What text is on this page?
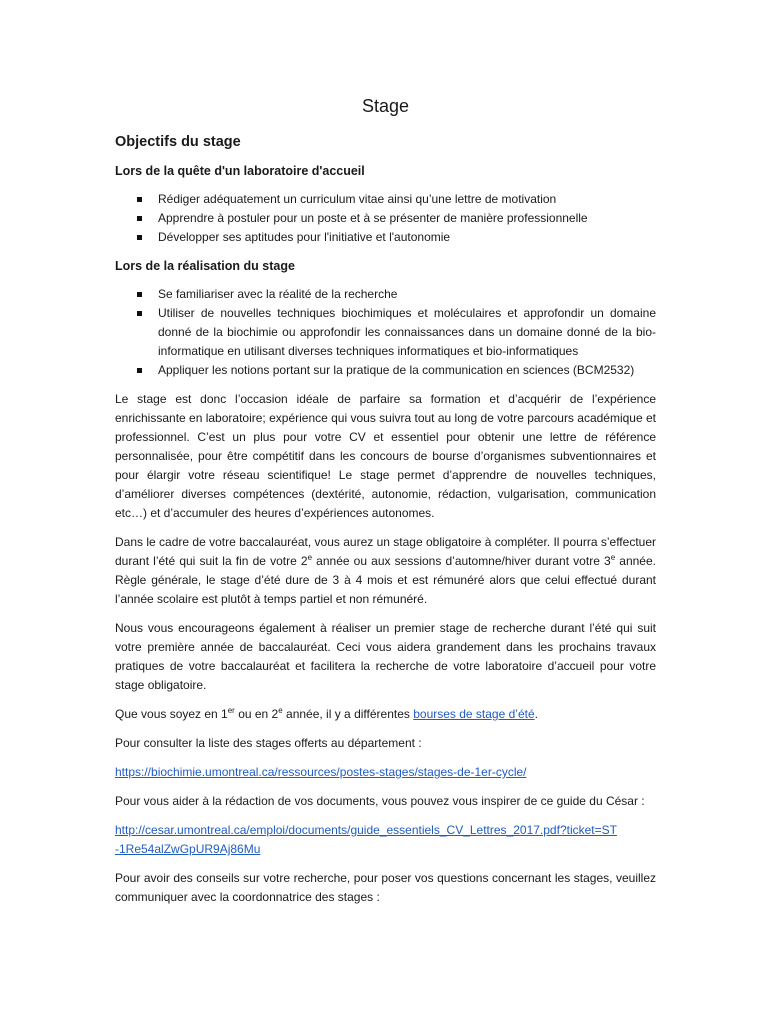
Stage
Objectifs du stage
Lors de la quête d'un laboratoire d'accueil
Rédiger adéquatement un curriculum vitae ainsi qu’une lettre de motivation
Apprendre à postuler pour un poste et à se présenter de manière professionnelle
Développer ses aptitudes pour l'initiative et l'autonomie
Lors de la réalisation du stage
Se familiariser avec la réalité de la recherche
Utiliser de nouvelles techniques biochimiques et moléculaires et approfondir un domaine donné de la biochimie ou approfondir les connaissances dans un domaine donné de la bio-informatique en utilisant diverses techniques informatiques et bio-informatiques
Appliquer les notions portant sur la pratique de la communication en sciences (BCM2532)

Le stage est donc l’occasion idéale de parfaire sa formation et d’acquérir de l’expérience enrichissante en laboratoire; expérience qui vous suivra tout au long de votre parcours académique et professionnel. C’est un plus pour votre CV et essentiel pour obtenir une lettre de référence personnalisée, pour être compétitif dans les concours de bourse d’organismes subventionnaires et pour élargir votre réseau scientifique! Le stage permet d’apprendre de nouvelles techniques, d’améliorer diverses compétences (dextérité, autonomie, rédaction, vulgarisation, communication etc…) et d’accumuler des heures d’expériences autonomes.

Dans le cadre de votre baccalauréat, vous aurez un stage obligatoire à compléter. Il pourra s’effectuer durant l’été qui suit la fin de votre 2e année ou aux sessions d’automne/hiver durant votre 3e année. Règle générale, le stage d’été dure de 3 à 4 mois et est rémunéré alors que celui effectué durant l’année scolaire est plutôt à temps partiel et non rémunéré.

Nous vous encourageons également à réaliser un premier stage de recherche durant l’été qui suit votre première année de baccalauréat. Ceci vous aidera grandement dans les prochains travaux pratiques de votre baccalauréat et facilitera la recherche de votre laboratoire d’accueil pour votre stage obligatoire.

Que vous soyez en 1er ou en 2e année, il y a différentes bourses de stage d’été.

Pour consulter la liste des stages offerts au département :

https://biochimie.umontreal.ca/ressources/postes-stages/stages-de-1er-cycle/

Pour vous aider à la rédaction de vos documents, vous pouvez vous inspirer de ce guide du César :

http://cesar.umontreal.ca/emploi/documents/guide_essentiels_CV_Lettres_2017.pdf?ticket=ST
-1Re54alZwGpUR9Aj86Mu

Pour avoir des conseils sur votre recherche, pour poser vos questions concernant les stages, veuillez communiquer avec la coordonnatrice des stages :
